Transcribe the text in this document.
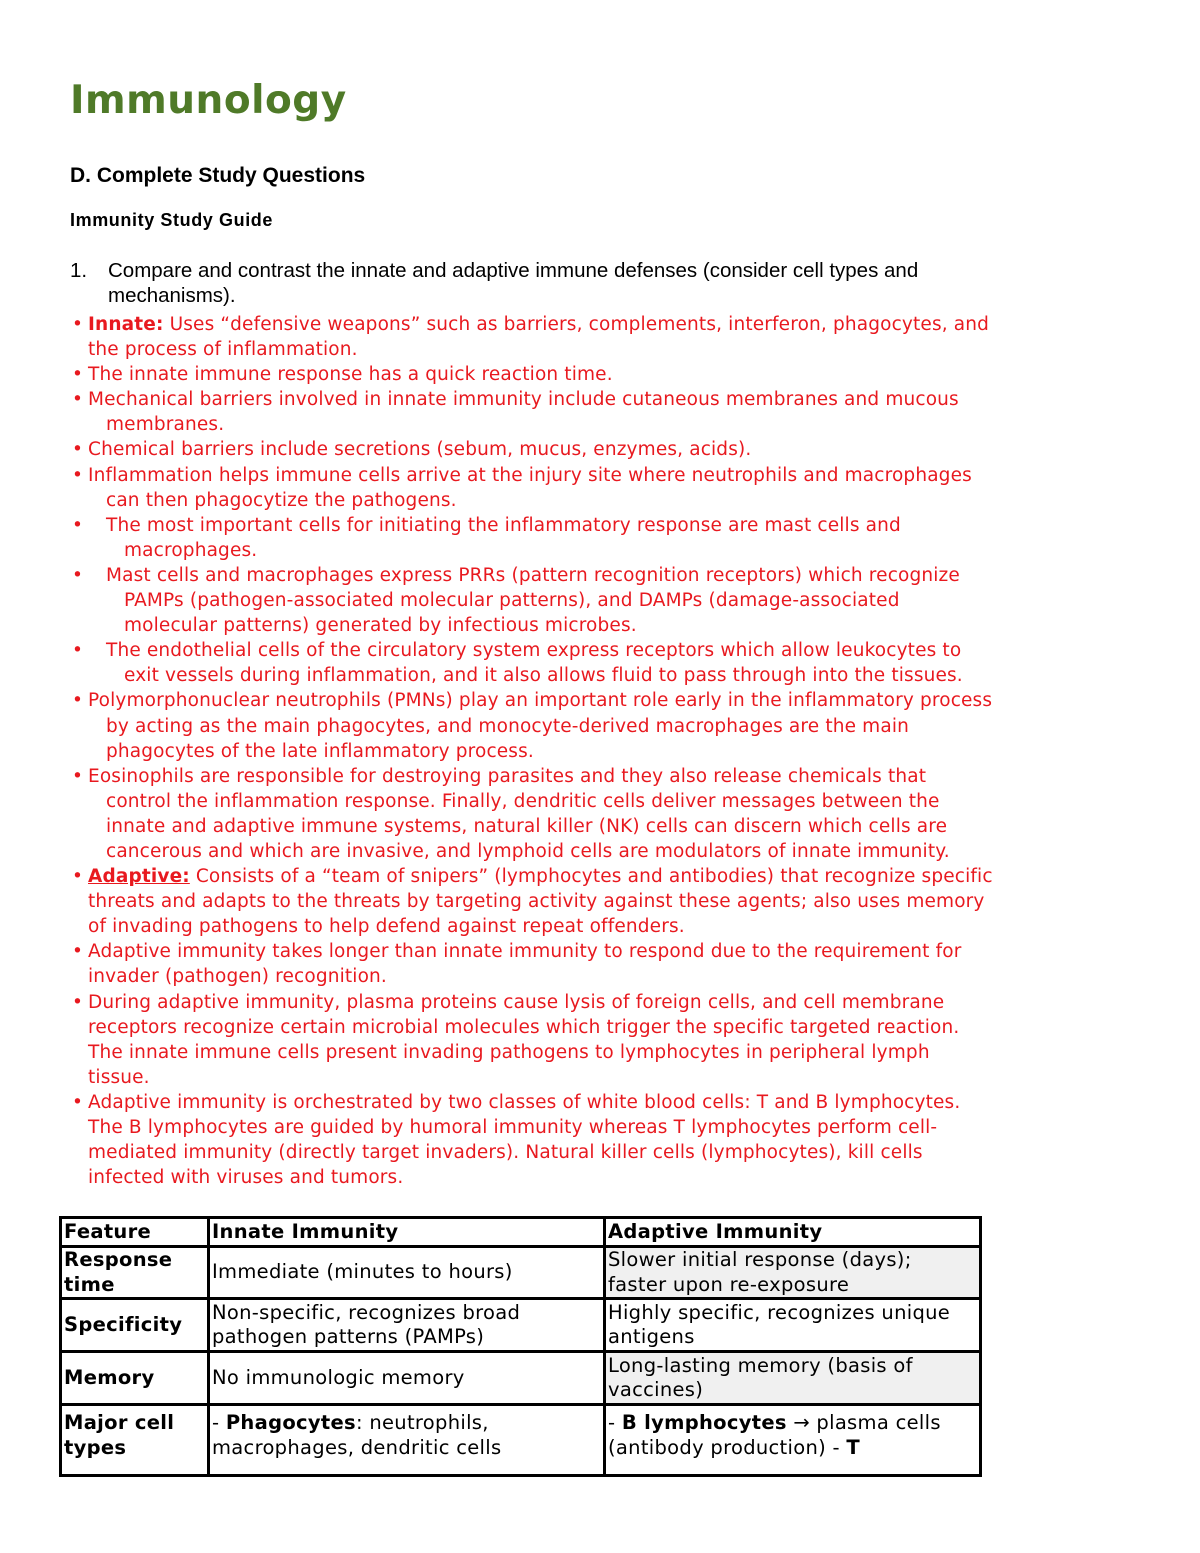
Immunology
D. Complete Study Questions
Immunity Study Guide
1. Compare and contrast the innate and adaptive immune defenses (consider cell types and
mechanisms).
• Innate: Uses “defensive weapons” such as barriers, complements, interferon, phagocytes, and
the process of inflammation.
• The innate immune response has a quick reaction time.
• Mechanical barriers involved in innate immunity include cutaneous membranes and mucous
membranes.
• Chemical barriers include secretions (sebum, mucus, enzymes, acids).
• Inflammation helps immune cells arrive at the injury site where neutrophils and macrophages
can then phagocytize the pathogens.
• The most important cells for initiating the inflammatory response are mast cells and
macrophages.
• Mast cells and macrophages express PRRs (pattern recognition receptors) which recognize
PAMPs (pathogen-associated molecular patterns), and DAMPs (damage-associated
molecular patterns) generated by infectious microbes.
• The endothelial cells of the circulatory system express receptors which allow leukocytes to
exit vessels during inflammation, and it also allows fluid to pass through into the tissues.
• Polymorphonuclear neutrophils (PMNs) play an important role early in the inflammatory process
by acting as the main phagocytes, and monocyte-derived macrophages are the main
phagocytes of the late inflammatory process.
• Eosinophils are responsible for destroying parasites and they also release chemicals that
control the inflammation response. Finally, dendritic cells deliver messages between the
innate and adaptive immune systems, natural killer (NK) cells can discern which cells are
cancerous and which are invasive, and lymphoid cells are modulators of innate immunity.
• Adaptive: Consists of a “team of snipers” (lymphocytes and antibodies) that recognize specific
threats and adapts to the threats by targeting activity against these agents; also uses memory
of invading pathogens to help defend against repeat offenders.
• Adaptive immunity takes longer than innate immunity to respond due to the requirement for
invader (pathogen) recognition.
• During adaptive immunity, plasma proteins cause lysis of foreign cells, and cell membrane
receptors recognize certain microbial molecules which trigger the specific targeted reaction.
The innate immune cells present invading pathogens to lymphocytes in peripheral lymph
tissue.
• Adaptive immunity is orchestrated by two classes of white blood cells: T and B lymphocytes.
The B lymphocytes are guided by humoral immunity whereas T lymphocytes perform cell-
mediated immunity (directly target invaders). Natural killer cells (lymphocytes), kill cells
infected with viruses and tumors.
Feature	Innate Immunity	Adaptive Immunity

Response
time	Immediate (minutes to hours)	Slower initial response (days);
faster upon re-exposure

Specificity	Non-specific, recognizes broad
pathogen patterns (PAMPs)	Highly specific, recognizes unique
antigens

Memory	No immunologic memory	Long-lasting memory (basis of
vaccines)

Major cell
types	- Phagocytes: neutrophils,
macrophages, dendritic cells	- B lymphocytes → plasma cells
(antibody production) - T
